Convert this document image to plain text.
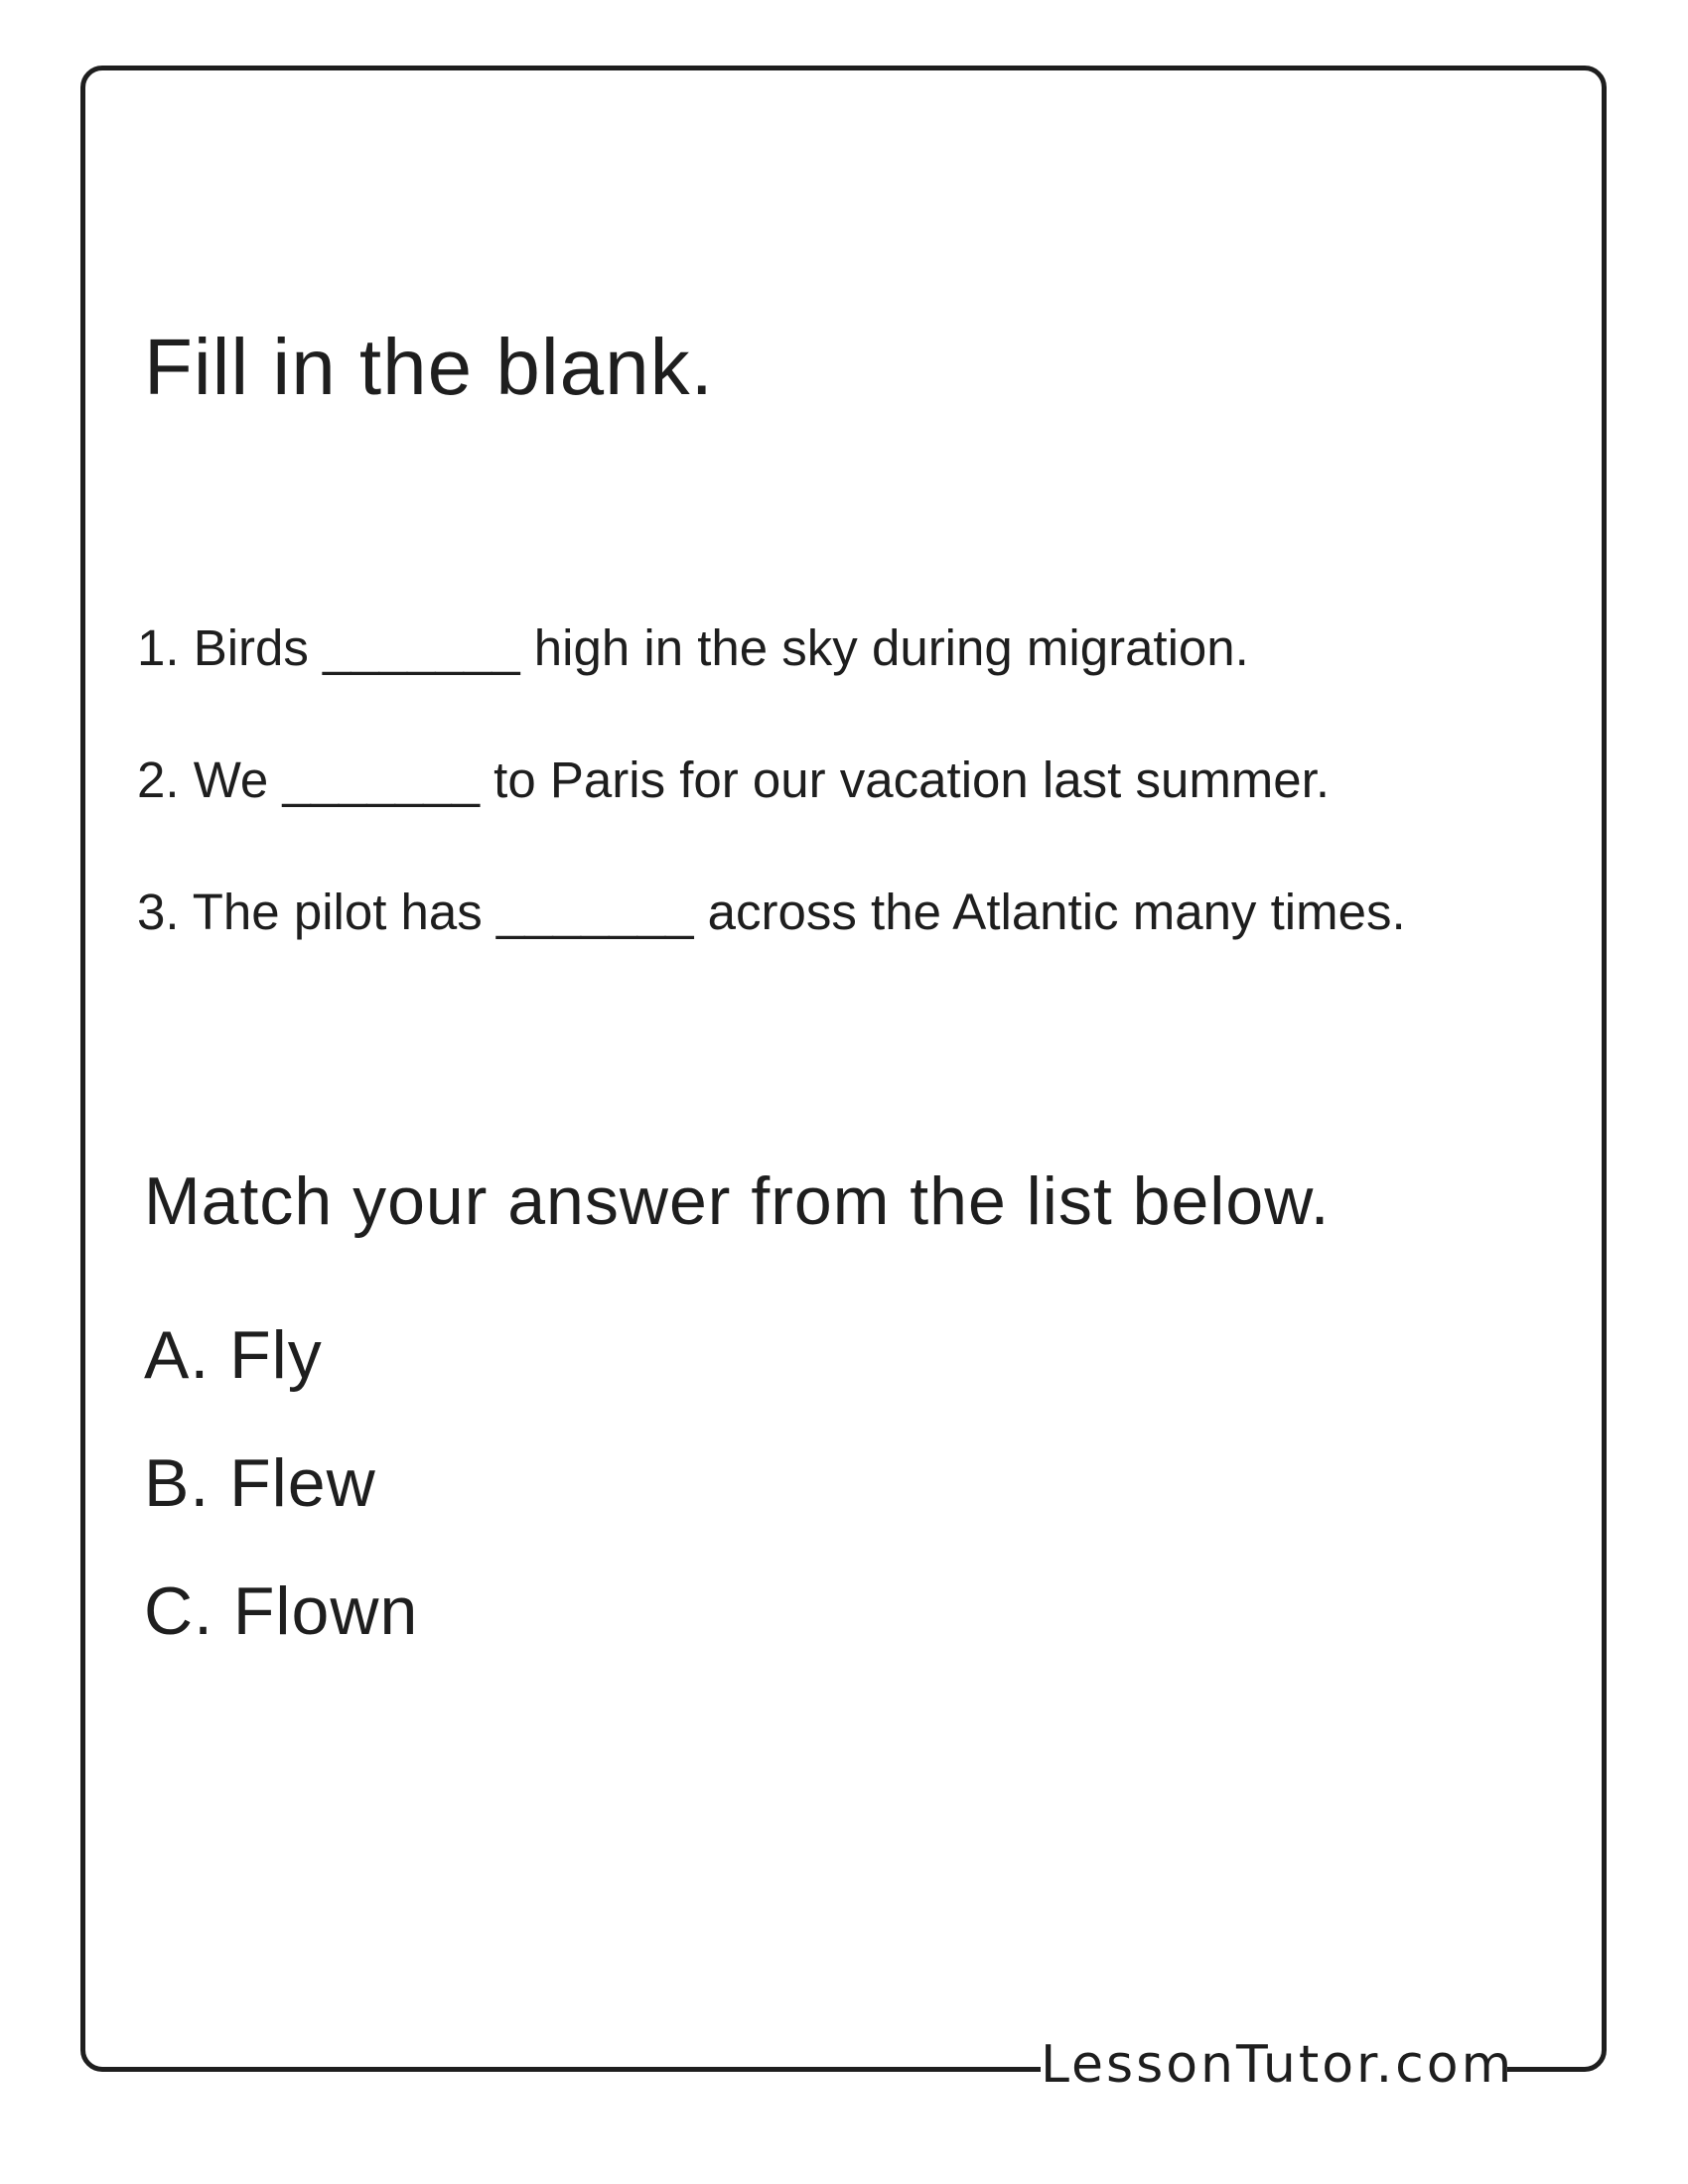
LessonTutor.com
Fill in the blank.
1. Birds _______ high in the sky during migration.
2. We _______ to Paris for our vacation last summer.
3. The pilot has _______ across the Atlantic many times.
Match your answer from the list below.
A. Fly
B. Flew
C. Flown
